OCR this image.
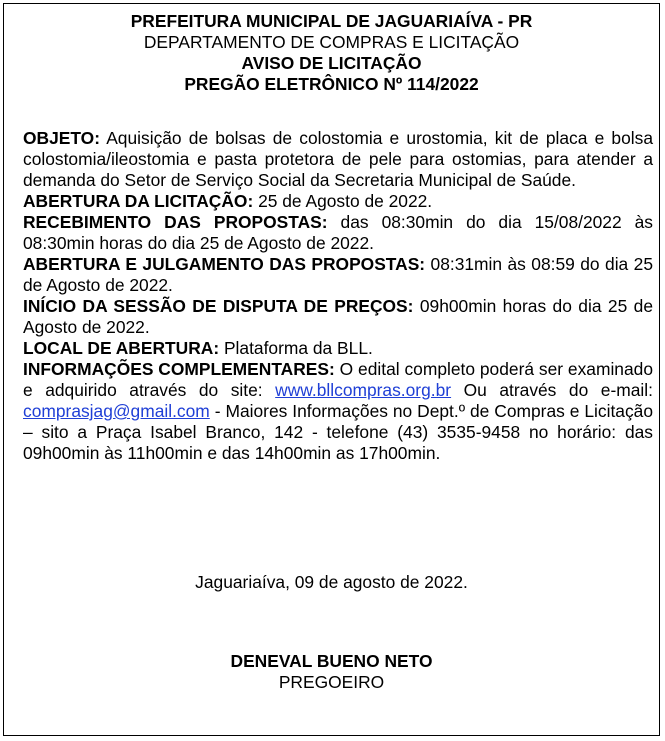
PREFEITURA MUNICIPAL DE JAGUARIAÍVA - PR
DEPARTAMENTO DE COMPRAS E LICITAÇÃO
AVISO DE LICITAÇÃO
PREGÃO ELETRÔNICO Nº 114/2022
OBJETO: Aquisição de bolsas de colostomia e urostomia, kit de placa e bolsa colostomia/ileostomia e pasta protetora de pele para ostomias, para atender a demanda do Setor de Serviço Social da Secretaria Municipal de Saúde.
ABERTURA DA LICITAÇÃO: 25 de Agosto de 2022.
RECEBIMENTO DAS PROPOSTAS: das 08:30min do dia 15/08/2022 às 08:30min horas do dia 25 de Agosto de 2022.
ABERTURA E JULGAMENTO DAS PROPOSTAS: 08:31min às 08:59 do dia 25 de Agosto de 2022.
INÍCIO DA SESSÃO DE DISPUTA DE PREÇOS: 09h00min horas do dia 25 de Agosto de 2022.
LOCAL DE ABERTURA: Plataforma da BLL.
INFORMAÇÕES COMPLEMENTARES: O edital completo poderá ser examinado e adquirido através do site: www.bllcompras.org.br Ou através do e-mail: comprasjag@gmail.com - Maiores Informações no Dept.º de Compras e Licitação – sito a Praça Isabel Branco, 142 - telefone (43) 3535-9458 no horário: das 09h00min às 11h00min e das 14h00min as 17h00min.
Jaguariaíva, 09 de agosto de 2022.
DENEVAL BUENO NETO
PREGOEIRO
